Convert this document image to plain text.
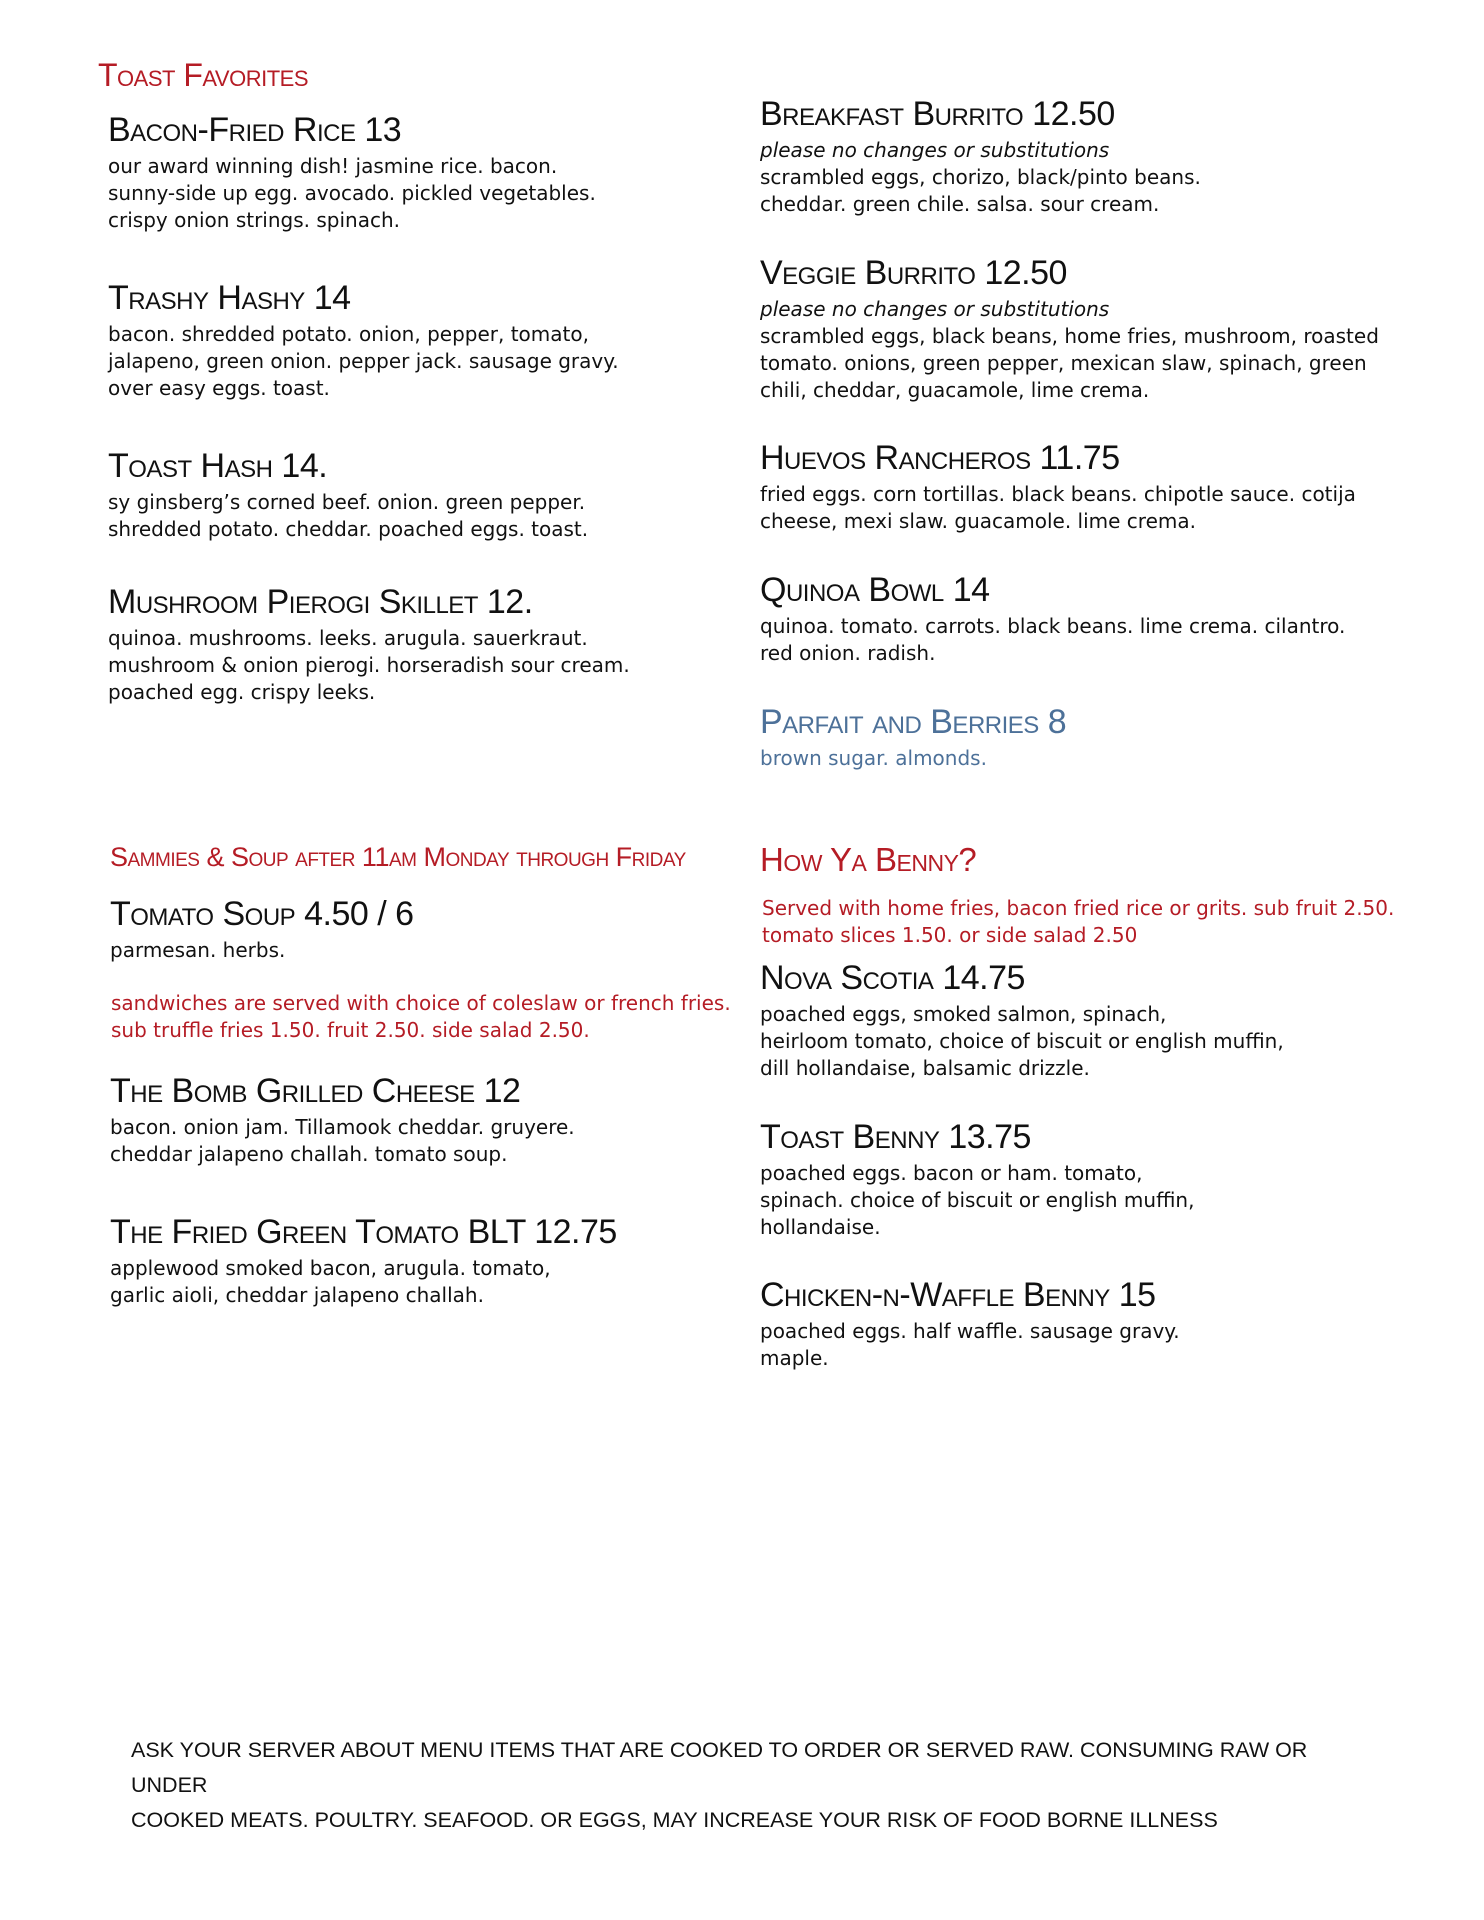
Toast Favorites
Bacon-Fried Rice 13
our award winning dish! jasmine rice. bacon.
sunny-side up egg. avocado. pickled vegetables.
crispy onion strings. spinach.
Trashy Hashy 14
bacon. shredded potato. onion, pepper, tomato,
jalapeno, green onion. pepper jack. sausage gravy.
over easy eggs. toast.
Toast Hash 14.
sy ginsberg’s corned beef. onion. green pepper.
shredded potato. cheddar. poached eggs. toast.
Mushroom Pierogi Skillet 12.
quinoa. mushrooms. leeks. arugula. sauerkraut.
mushroom & onion pierogi. horseradish sour cream.
poached egg. crispy leeks.
Sammies & Soup after 11am Monday through Friday
Tomato Soup 4.50 / 6
parmesan. herbs.

sandwiches are served with choice of coleslaw or french fries.
sub truffle fries 1.50. fruit 2.50. side salad 2.50.

The Bomb Grilled Cheese 12
bacon. onion jam. Tillamook cheddar. gruyere.
cheddar jalapeno challah. tomato soup.
The Fried Green Tomato BLT 12.75
applewood smoked bacon, arugula. tomato,
garlic aioli, cheddar jalapeno challah.
Breakfast Burrito 12.50
please no changes or substitutions
scrambled eggs, chorizo, black/pinto beans.
cheddar. green chile. salsa. sour cream.
Veggie Burrito 12.50
please no changes or substitutions
scrambled eggs, black beans, home fries, mushroom, roasted
tomato. onions, green pepper, mexican slaw, spinach, green
chili, cheddar, guacamole, lime crema.
Huevos Rancheros 11.75
fried eggs. corn tortillas. black beans. chipotle sauce. cotija
cheese, mexi slaw. guacamole. lime crema.
Quinoa Bowl 14
quinoa. tomato. carrots. black beans. lime crema. cilantro.
red onion. radish.
Parfait and Berries 8
brown sugar. almonds.
How Ya Benny?

Served with home fries, bacon fried rice or grits. sub fruit 2.50.
tomato slices 1.50. or side salad 2.50

Nova Scotia 14.75
poached eggs, smoked salmon, spinach,
heirloom tomato, choice of biscuit or english muffin,
dill hollandaise, balsamic drizzle.
Toast Benny 13.75
poached eggs. bacon or ham. tomato,
spinach. choice of biscuit or english muffin,
hollandaise.
Chicken-n-Waffle Benny 15
poached eggs. half waffle. sausage gravy.
maple.

ASK YOUR SERVER ABOUT MENU ITEMS THAT ARE COOKED TO ORDER OR SERVED RAW. CONSUMING RAW OR UNDER
COOKED MEATS. POULTRY. SEAFOOD. OR EGGS, MAY INCREASE YOUR RISK OF FOOD BORNE ILLNESS
